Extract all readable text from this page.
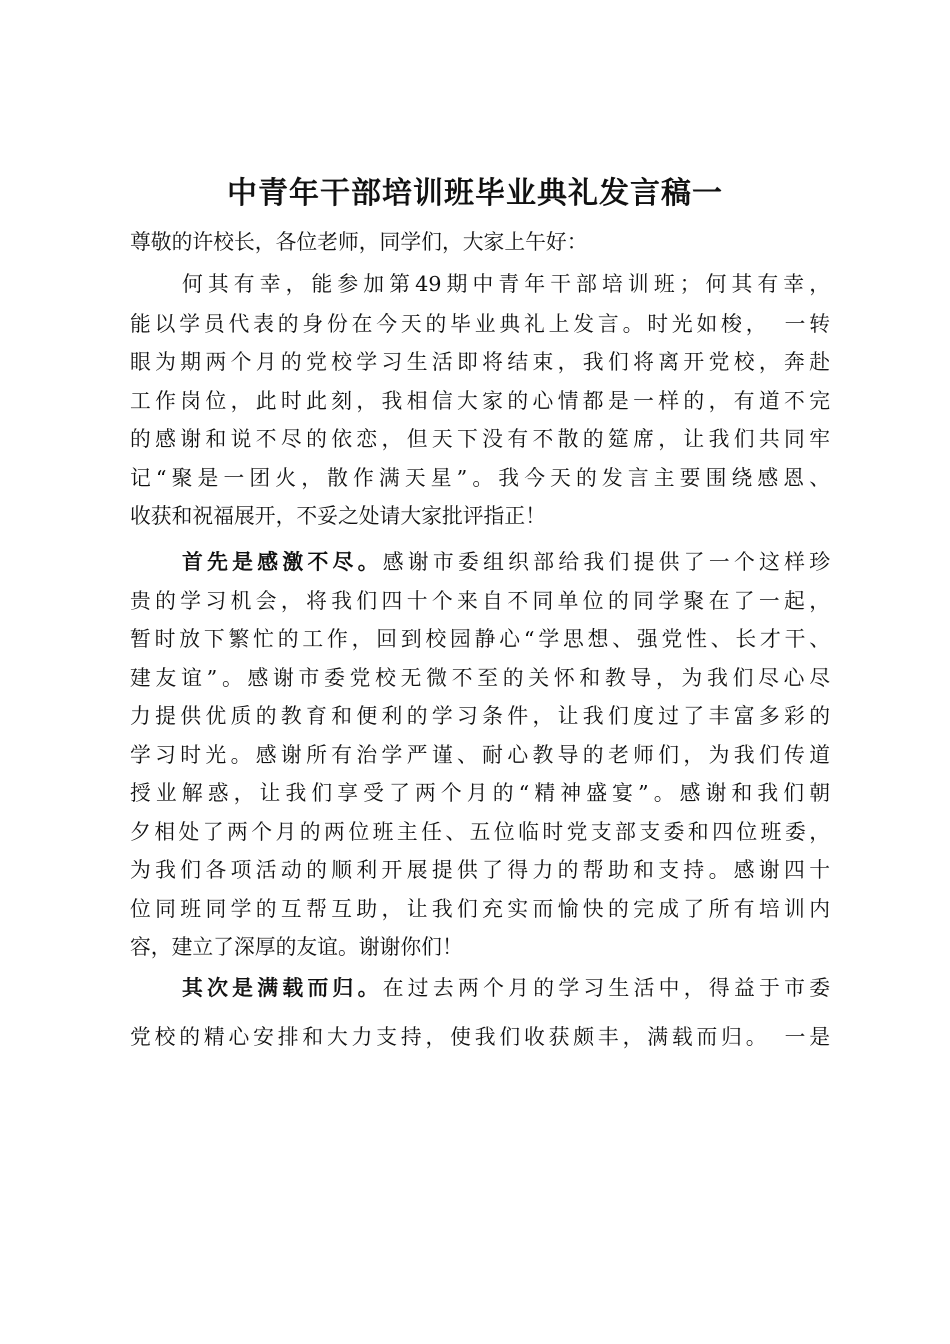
中青年干部培训班毕业典礼发言稿一

尊敬的许校长，各位老师，同学们，大家上午好：

何其有幸，能参加第49期中青年干部培训班；何其有幸，

能以学员代表的身份在今天的毕业典礼上发言。时光如梭，　一转

眼为期两个月的党校学习生活即将结束，我们将离开党校，奔赴

工作岗位，此时此刻，我相信大家的心情都是一样的，有道不完

的感谢和说不尽的依恋，但天下没有不散的筵席，让我们共同牢

记“聚是一团火，散作满天星”。我今天的发言主要围绕感恩、

收获和祝福展开，不妥之处请大家批评指正！

首先是感激不尽。感谢市委组织部给我们提供了一个这样珍

贵的学习机会，将我们四十个来自不同单位的同学聚在了一起，

暂时放下繁忙的工作，回到校园静心“学思想、强党性、长才干、

建友谊”。感谢市委党校无微不至的关怀和教导，为我们尽心尽

力提供优质的教育和便利的学习条件，让我们度过了丰富多彩的

学习时光。感谢所有治学严谨、耐心教导的老师们，为我们传道

授业解惑，让我们享受了两个月的“精神盛宴”。感谢和我们朝

夕相处了两个月的两位班主任、五位临时党支部支委和四位班委，

为我们各项活动的顺利开展提供了得力的帮助和支持。感谢四十

位同班同学的互帮互助，让我们充实而愉快的完成了所有培训内

容，建立了深厚的友谊。谢谢你们！

其次是满载而归。在过去两个月的学习生活中，得益于市委

党校的精心安排和大力支持，使我们收获颇丰，满载而归。　一是
